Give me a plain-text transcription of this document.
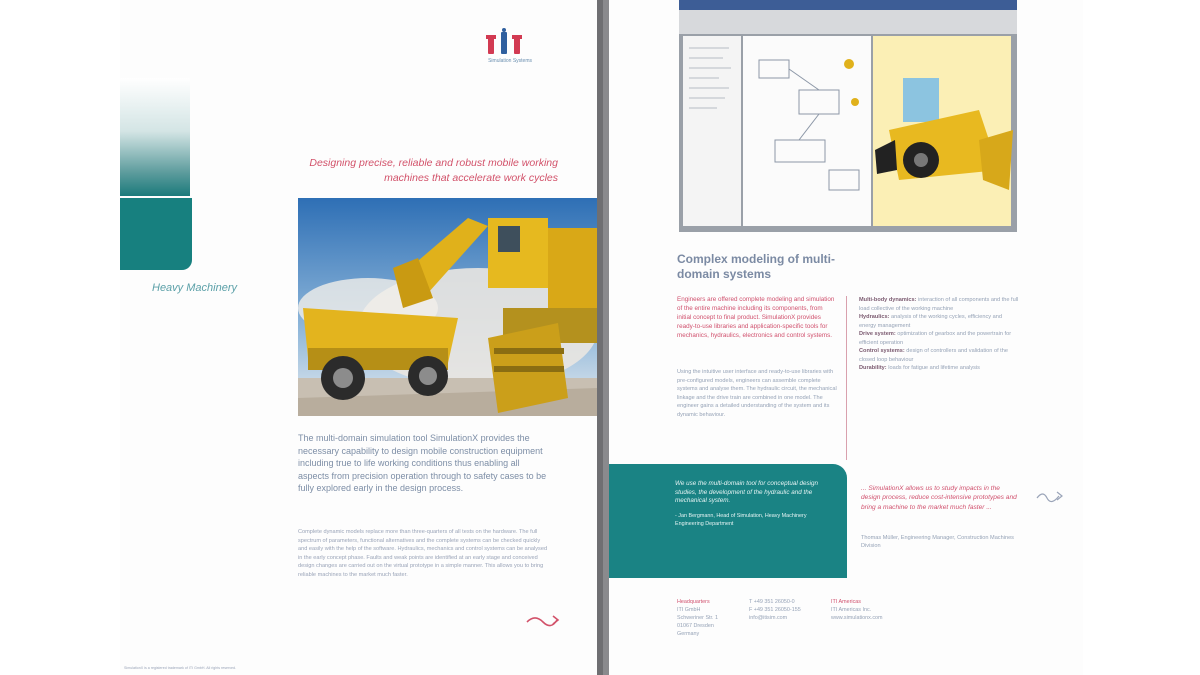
Simulation Systems
Heavy Machinery
Designing precise, reliable and robust mobile working machines that accelerate work cycles

The multi-domain simulation tool SimulationX provides the necessary capability to design mobile construction equipment including true to life working conditions thus enabling all aspects from precision operation through to safety cases to be fully explored early in the design process.

Complete dynamic models replace more than three-quarters of all tests on the hardware. The full spectrum of parameters, functional alternatives and the complete systems can be checked quickly and easily with the help of the software. Hydraulics, mechanics and control systems can be analysed in the early concept phase. Faults and weak points are identified at an early stage and conceived design changes are carried out on the virtual prototype in a simple manner. This allows you to bring reliable machines to the market much faster.

SimulationX is a registered trademark of ITI GmbH. All rights reserved.
Complex modeling of multi-domain systems

Engineers are offered complete modeling and simulation of the entire machine including its components, from initial concept to final product. SimulationX provides ready-to-use libraries and application-specific tools for mechanics, hydraulics, electronics and control systems.

Using the intuitive user interface and ready-to-use libraries with pre-configured models, engineers can assemble complete systems and analyse them. The hydraulic circuit, the mechanical linkage and the drive train are combined in one model. The engineer gains a detailed understanding of the system and its dynamic behaviour.

Multi-body dynamics: interaction of all components and the full load collective of the working machine
Hydraulics: analysis of the working cycles, efficiency and energy management
Drive system: optimization of gearbox and the powertrain for efficient operation
Control systems: design of controllers and validation of the closed loop behaviour
Durability: loads for fatigue and lifetime analysis

We use the multi-domain tool for conceptual design studies, the development of the hydraulic and the mechanical system.

- Jan Bergmann, Head of Simulation, Heavy Machinery Engineering Department

... SimulationX allows us to study impacts in the design process, reduce cost-intensive prototypes and bring a machine to the market much faster ...

Thomas Müller, Engineering Manager, Construction Machines Division

Headquarters
ITI GmbH
Schweriner Str. 1
01067 Dresden
Germany

T +49 351 26050-0
F +49 351 26050-155
info@itisim.com

ITI Americas
ITI Americas Inc.
www.simulationx.com
